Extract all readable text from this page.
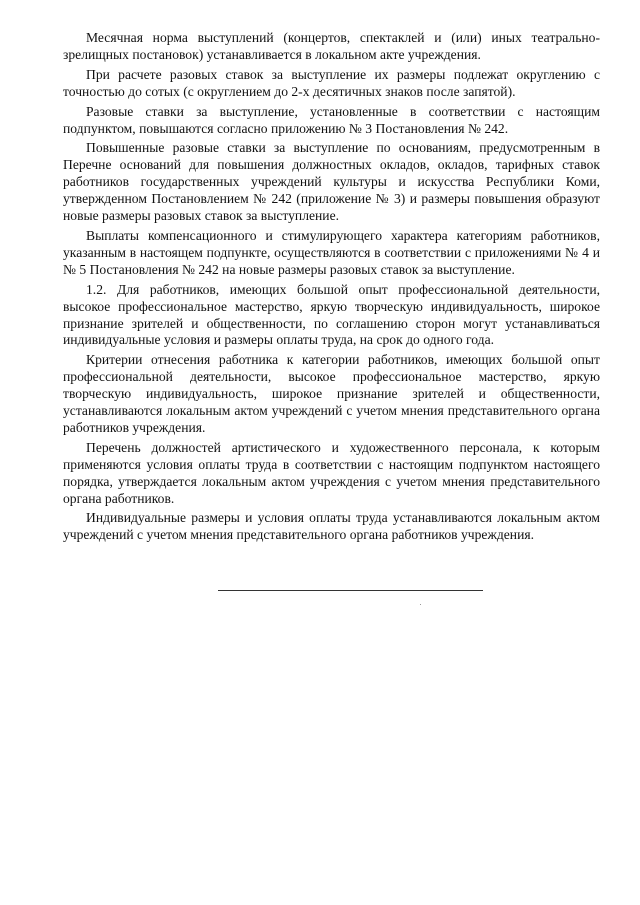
Месячная норма выступлений (концертов, спектаклей и (или) иных театрально-зрелищных постановок) устанавливается в локальном акте учреждения.

При расчете разовых ставок за выступление их размеры подлежат округлению с точностью до сотых (с округлением до 2-х десятичных знаков после запятой).

Разовые ставки за выступление, установленные в соответствии с настоящим подпунктом, повышаются согласно приложению № 3 Постановления № 242.

Повышенные разовые ставки за выступление по основаниям, предусмотренным в Перечне оснований для повышения должностных окладов, окладов, тарифных ставок работников государственных учреждений культуры и искусства Республики Коми, утвержденном Постановлением № 242 (приложение № 3) и размеры повышения образуют новые размеры разовых ставок за выступление.

Выплаты компенсационного и стимулирующего характера категориям работников, указанным в настоящем подпункте, осуществляются в соответствии с приложениями № 4 и № 5 Постановления № 242 на новые размеры разовых ставок за выступление.

1.2. Для работников, имеющих большой опыт профессиональной деятельности, высокое профессиональное мастерство, яркую творческую индивидуальность, широкое признание зрителей и общественности, по соглашению сторон могут устанавливаться индивидуальные условия и размеры оплаты труда, на срок до одного года.

Критерии отнесения работника к категории работников, имеющих большой опыт профессиональной деятельности, высокое профессиональное мастерство, яркую творческую индивидуальность, широкое признание зрителей и общественности, устанавливаются локальным актом учреждений с учетом мнения представительного органа работников учреждения.

Перечень должностей артистического и художественного персонала, к которым применяются условия оплаты труда в соответствии с настоящим подпунктом настоящего порядка, утверждается локальным актом учреждения с учетом мнения представительного органа работников.

Индивидуальные размеры и условия оплаты труда устанавливаются локальным актом учреждений с учетом мнения представительного органа работников учреждения.
